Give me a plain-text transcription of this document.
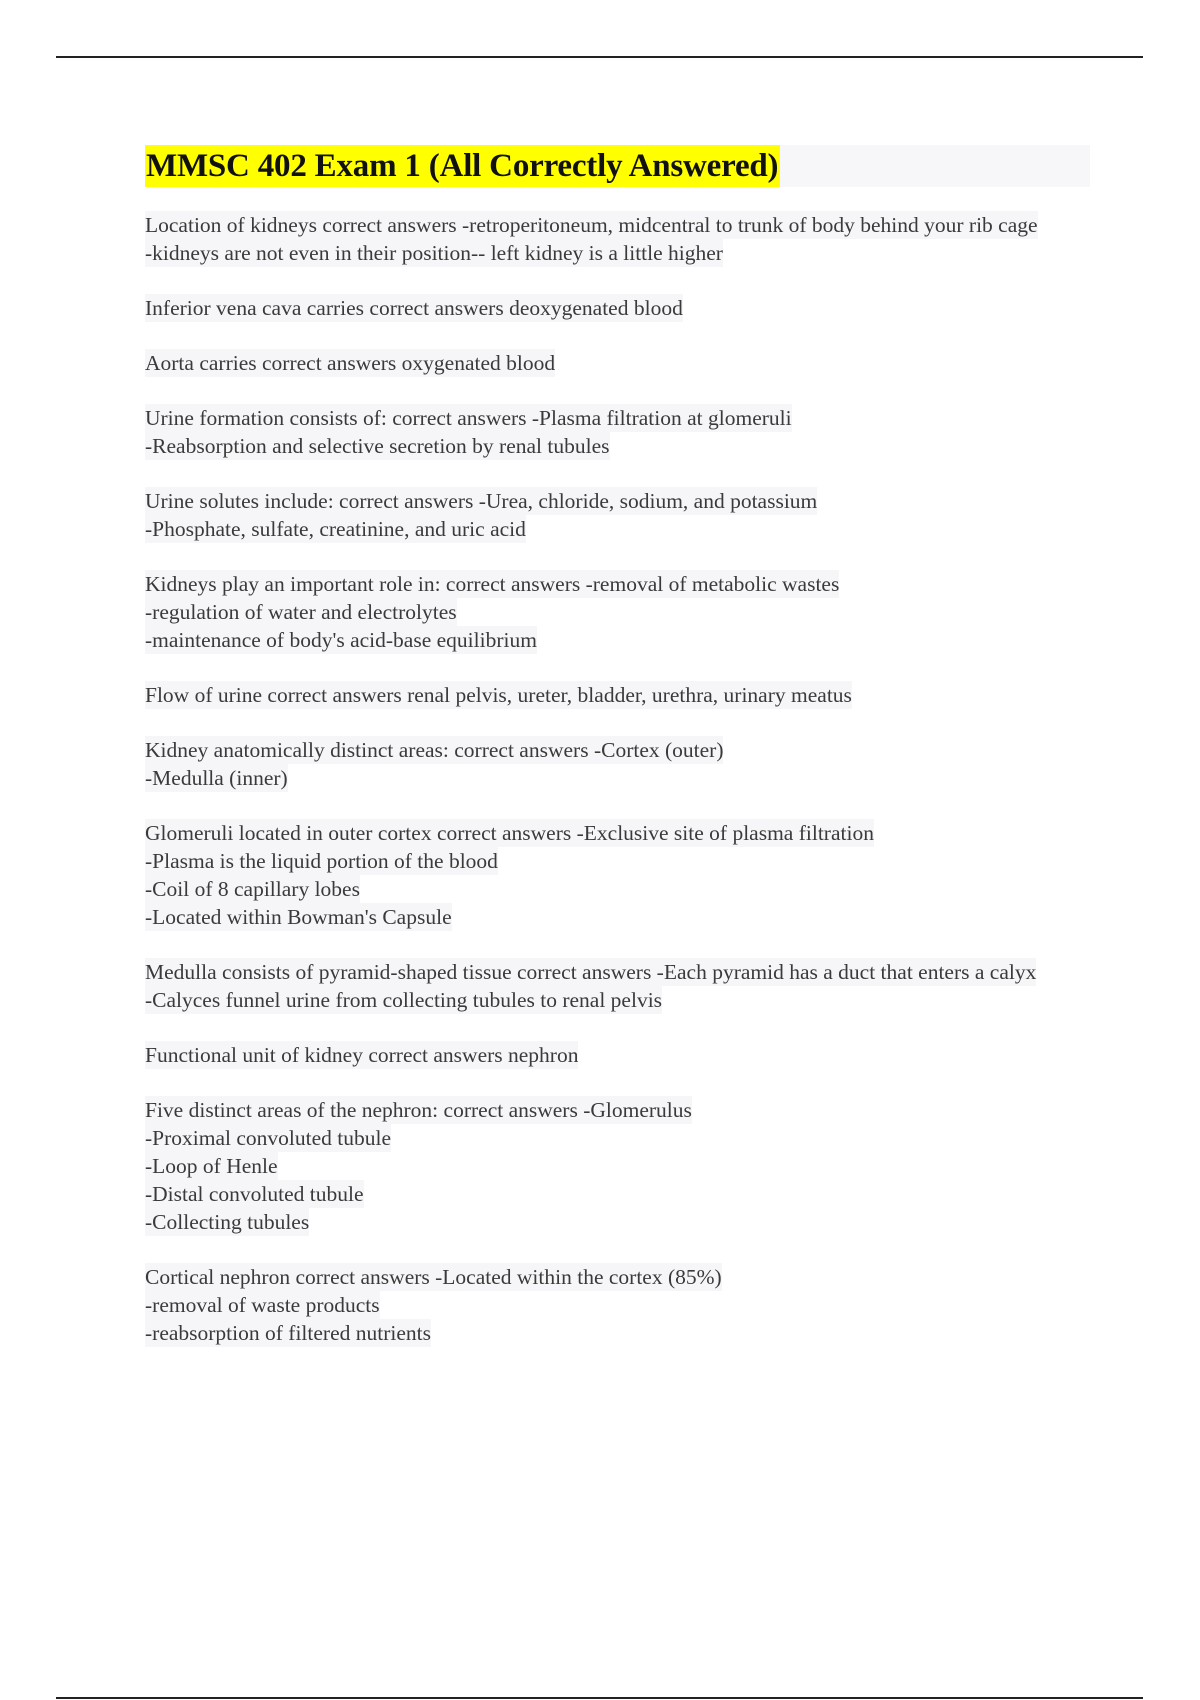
MMSC 402 Exam 1 (All Correctly Answered)
Location of kidneys correct answers -retroperitoneum, midcentral to trunk of body behind your rib cage
-kidneys are not even in their position-- left kidney is a little higher
Inferior vena cava carries correct answers deoxygenated blood
Aorta carries correct answers oxygenated blood
Urine formation consists of: correct answers -Plasma filtration at glomeruli
-Reabsorption and selective secretion by renal tubules
Urine solutes include: correct answers -Urea, chloride, sodium, and potassium
-Phosphate, sulfate, creatinine, and uric acid
Kidneys play an important role in: correct answers -removal of metabolic wastes
-regulation of water and electrolytes
-maintenance of body's acid-base equilibrium
Flow of urine correct answers renal pelvis, ureter, bladder, urethra, urinary meatus
Kidney anatomically distinct areas: correct answers -Cortex (outer)
-Medulla (inner)
Glomeruli located in outer cortex correct answers -Exclusive site of plasma filtration
-Plasma is the liquid portion of the blood
-Coil of 8 capillary lobes
-Located within Bowman's Capsule
Medulla consists of pyramid-shaped tissue correct answers -Each pyramid has a duct that enters a calyx
-Calyces funnel urine from collecting tubules to renal pelvis
Functional unit of kidney correct answers nephron
Five distinct areas of the nephron: correct answers -Glomerulus
-Proximal convoluted tubule
-Loop of Henle
-Distal convoluted tubule
-Collecting tubules
Cortical nephron correct answers -Located within the cortex (85%)
-removal of waste products
-reabsorption of filtered nutrients
